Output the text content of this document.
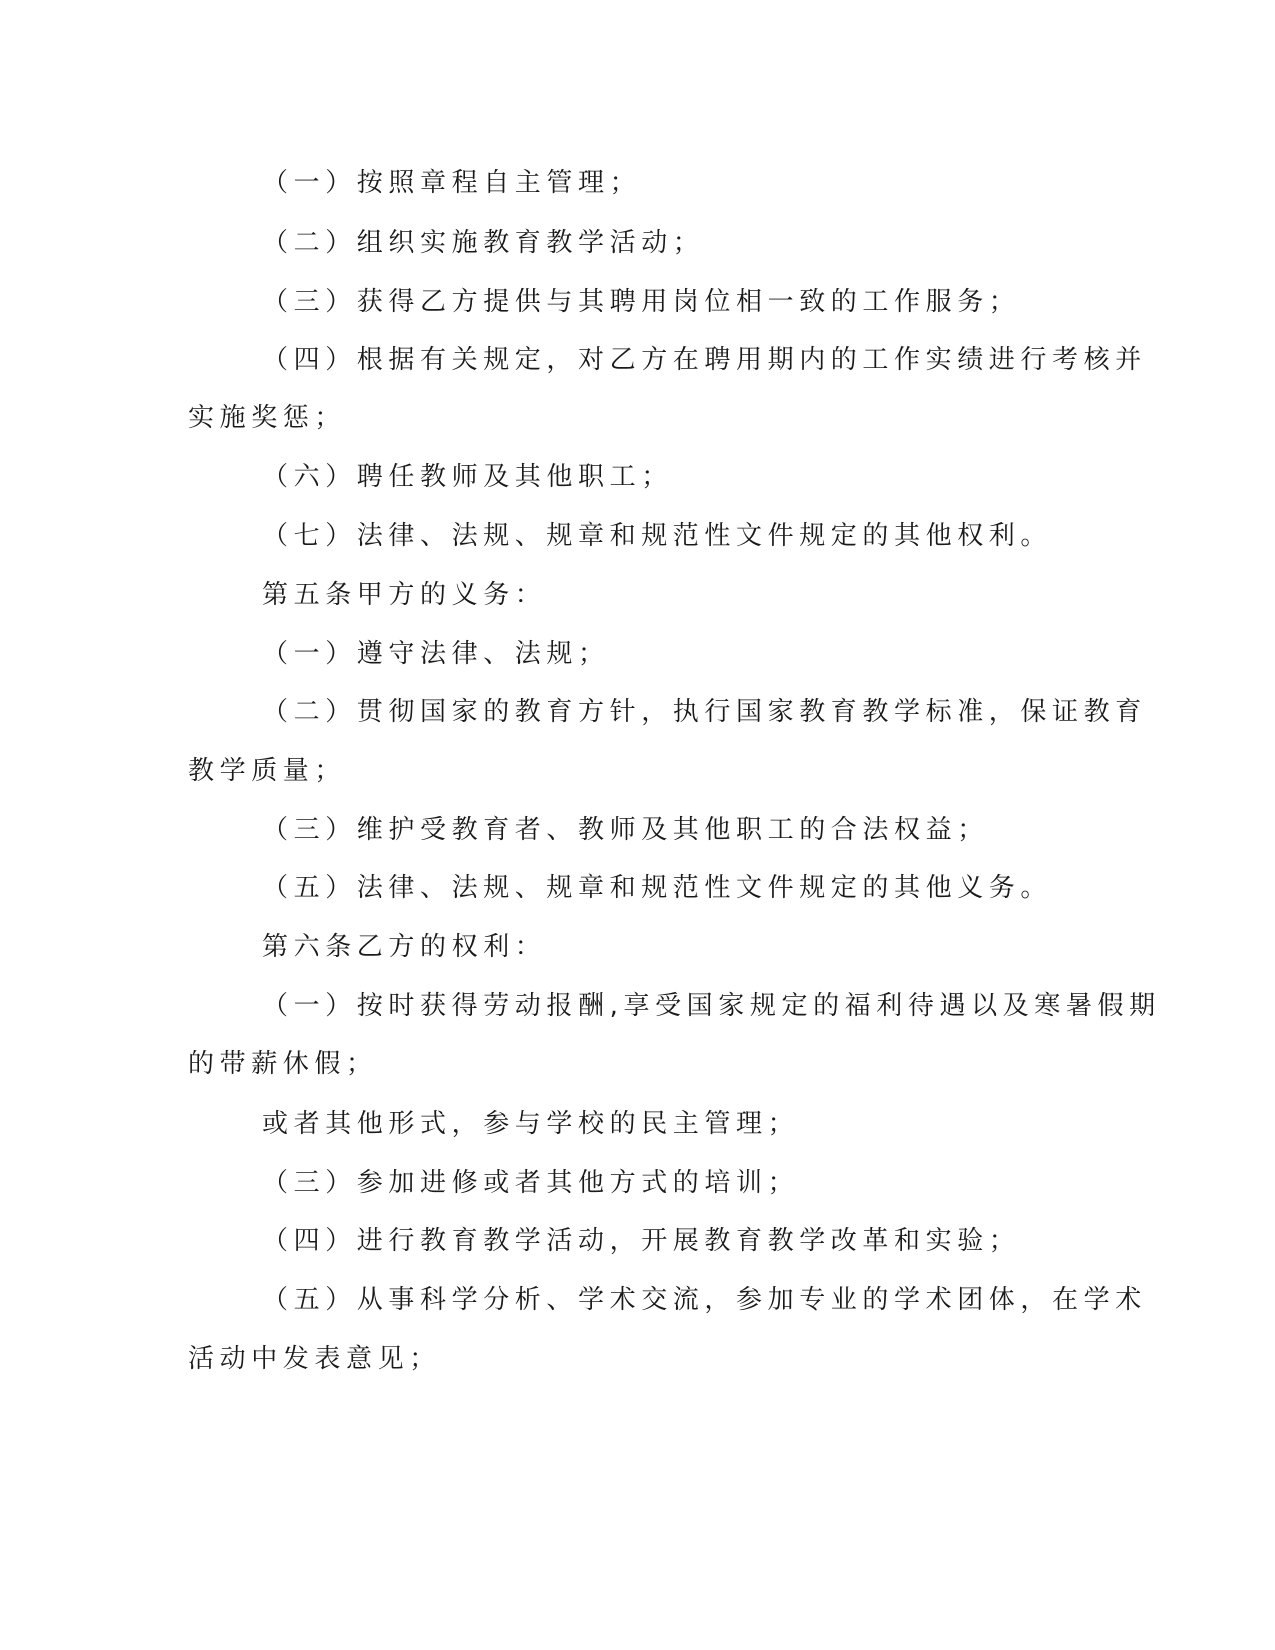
（一）按照章程自主管理；
（二）组织实施教育教学活动；
（三）获得乙方提供与其聘用岗位相一致的工作服务；
（四）根据有关规定，对乙方在聘用期内的工作实绩进行考核并
实施奖惩；
（六）聘任教师及其他职工；
（七）法律、法规、规章和规范性文件规定的其他权利。
第五条甲方的义务：
（一）遵守法律、法规；
（二）贯彻国家的教育方针，执行国家教育教学标准，保证教育
教学质量；
（三）维护受教育者、教师及其他职工的合法权益；
（五）法律、法规、规章和规范性文件规定的其他义务。
第六条乙方的权利：
（一）按时获得劳动报酬,享受国家规定的福利待遇以及寒暑假期
的带薪休假；
或者其他形式，参与学校的民主管理；
（三）参加进修或者其他方式的培训；
（四）进行教育教学活动，开展教育教学改革和实验；
（五）从事科学分析、学术交流，参加专业的学术团体，在学术
活动中发表意见；
